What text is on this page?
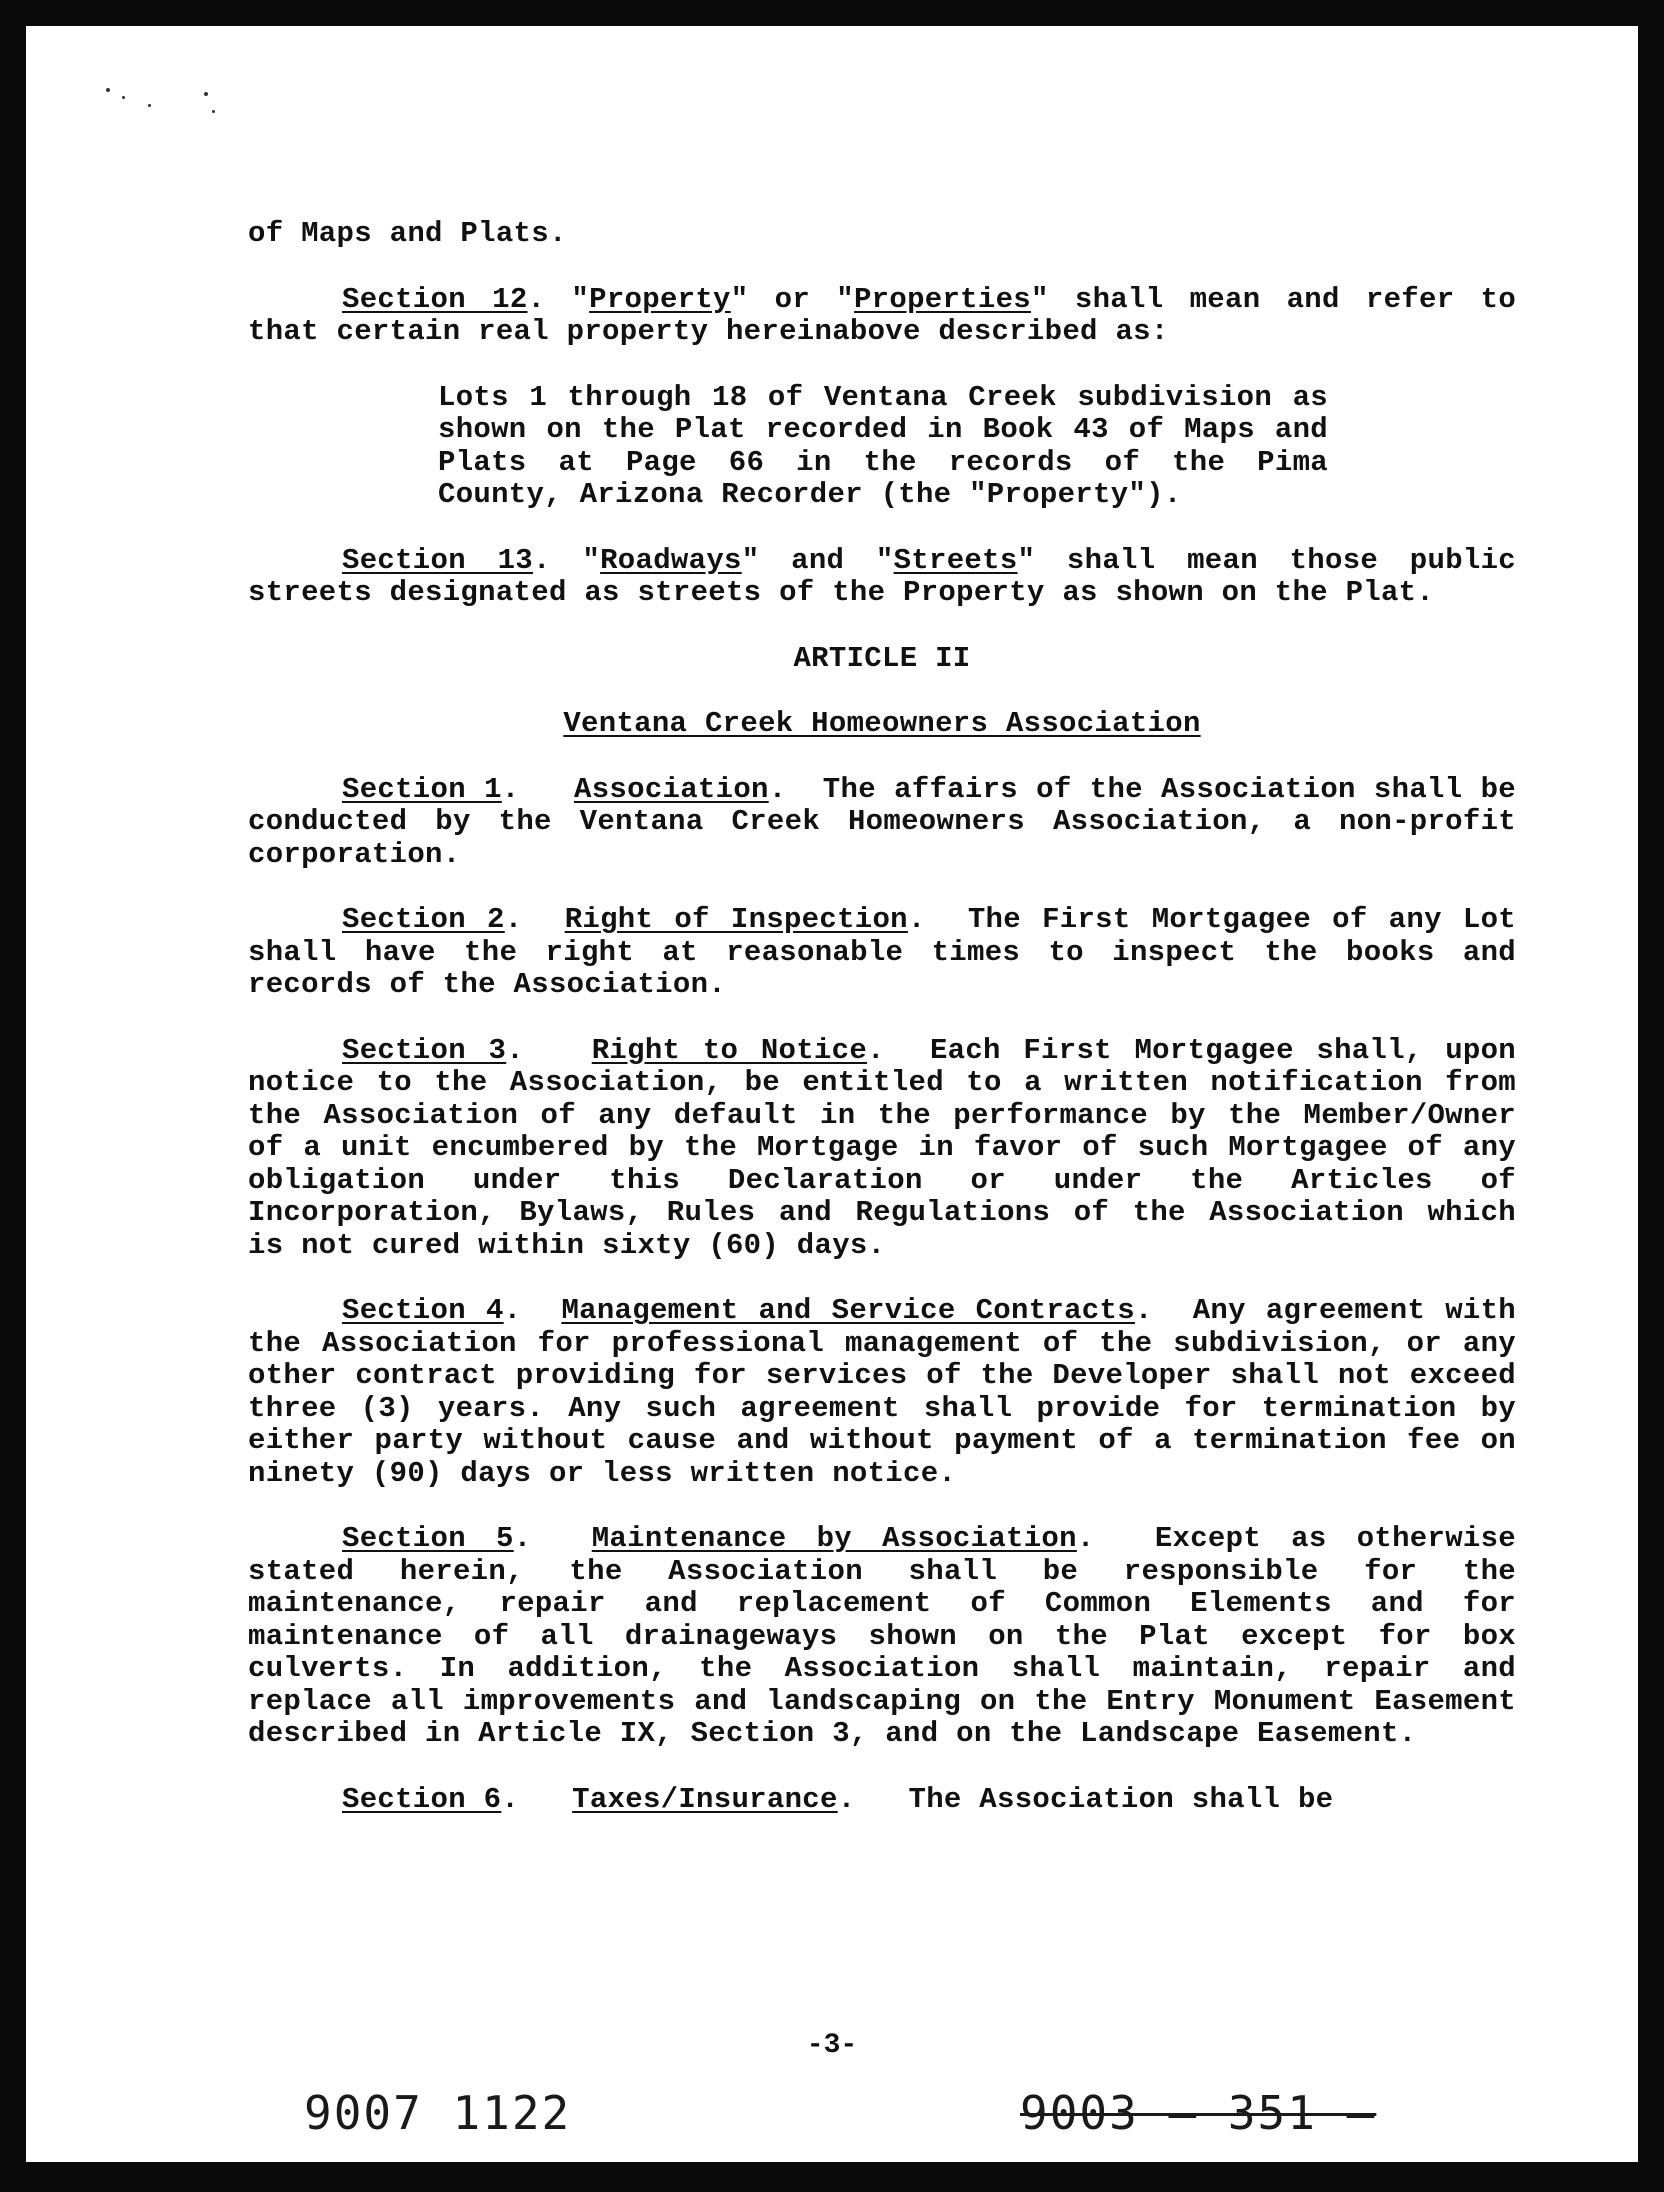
of Maps and Plats.
Section 12. "Property" or "Properties" shall mean and refer to that certain real property hereinabove described as:
Lots 1 through 18 of Ventana Creek subdivision as shown on the Plat recorded in Book 43 of Maps and Plats at Page 66 in the records of the Pima County, Arizona Recorder (the "Property").
Section 13. "Roadways" and "Streets" shall mean those public streets designated as streets of the Property as shown on the Plat.
ARTICLE II
Ventana Creek Homeowners Association
Section 1.   Association.  The affairs of the Association shall be conducted by the Ventana Creek Homeowners Association, a non-profit corporation.
Section 2.  Right of Inspection.  The First Mortgagee of any Lot shall have the right at reasonable times to inspect the books and records of the Association.
Section 3.   Right to Notice.  Each First Mortgagee shall, upon notice to the Association, be entitled to a written notification from the Association of any default in the performance by the Member/Owner of a unit encumbered by the Mortgage in favor of such Mortgagee of any obligation under this Declaration or under the Articles of Incorporation, Bylaws, Rules and Regulations of the Association which is not cured within sixty (60) days.
Section 4.  Management and Service Contracts.  Any agreement with the Association for professional management of the subdivision, or any other contract providing for services of the Developer shall not exceed three (3) years. Any such agreement shall provide for termination by either party without cause and without payment of a termination fee on ninety (90) days or less written notice.
Section 5.  Maintenance by Association.  Except as otherwise stated herein, the Association shall be responsible for the maintenance, repair and replacement of Common Elements and for maintenance of all drainageways shown on the Plat except for box culverts. In addition, the Association shall maintain, repair and replace all improvements and landscaping on the Entry Monument Easement described in Article IX, Section 3, and on the Landscape Easement.
Section 6.   Taxes/Insurance.   The Association shall be
-3-
9007 1122	9003 — 351 —
